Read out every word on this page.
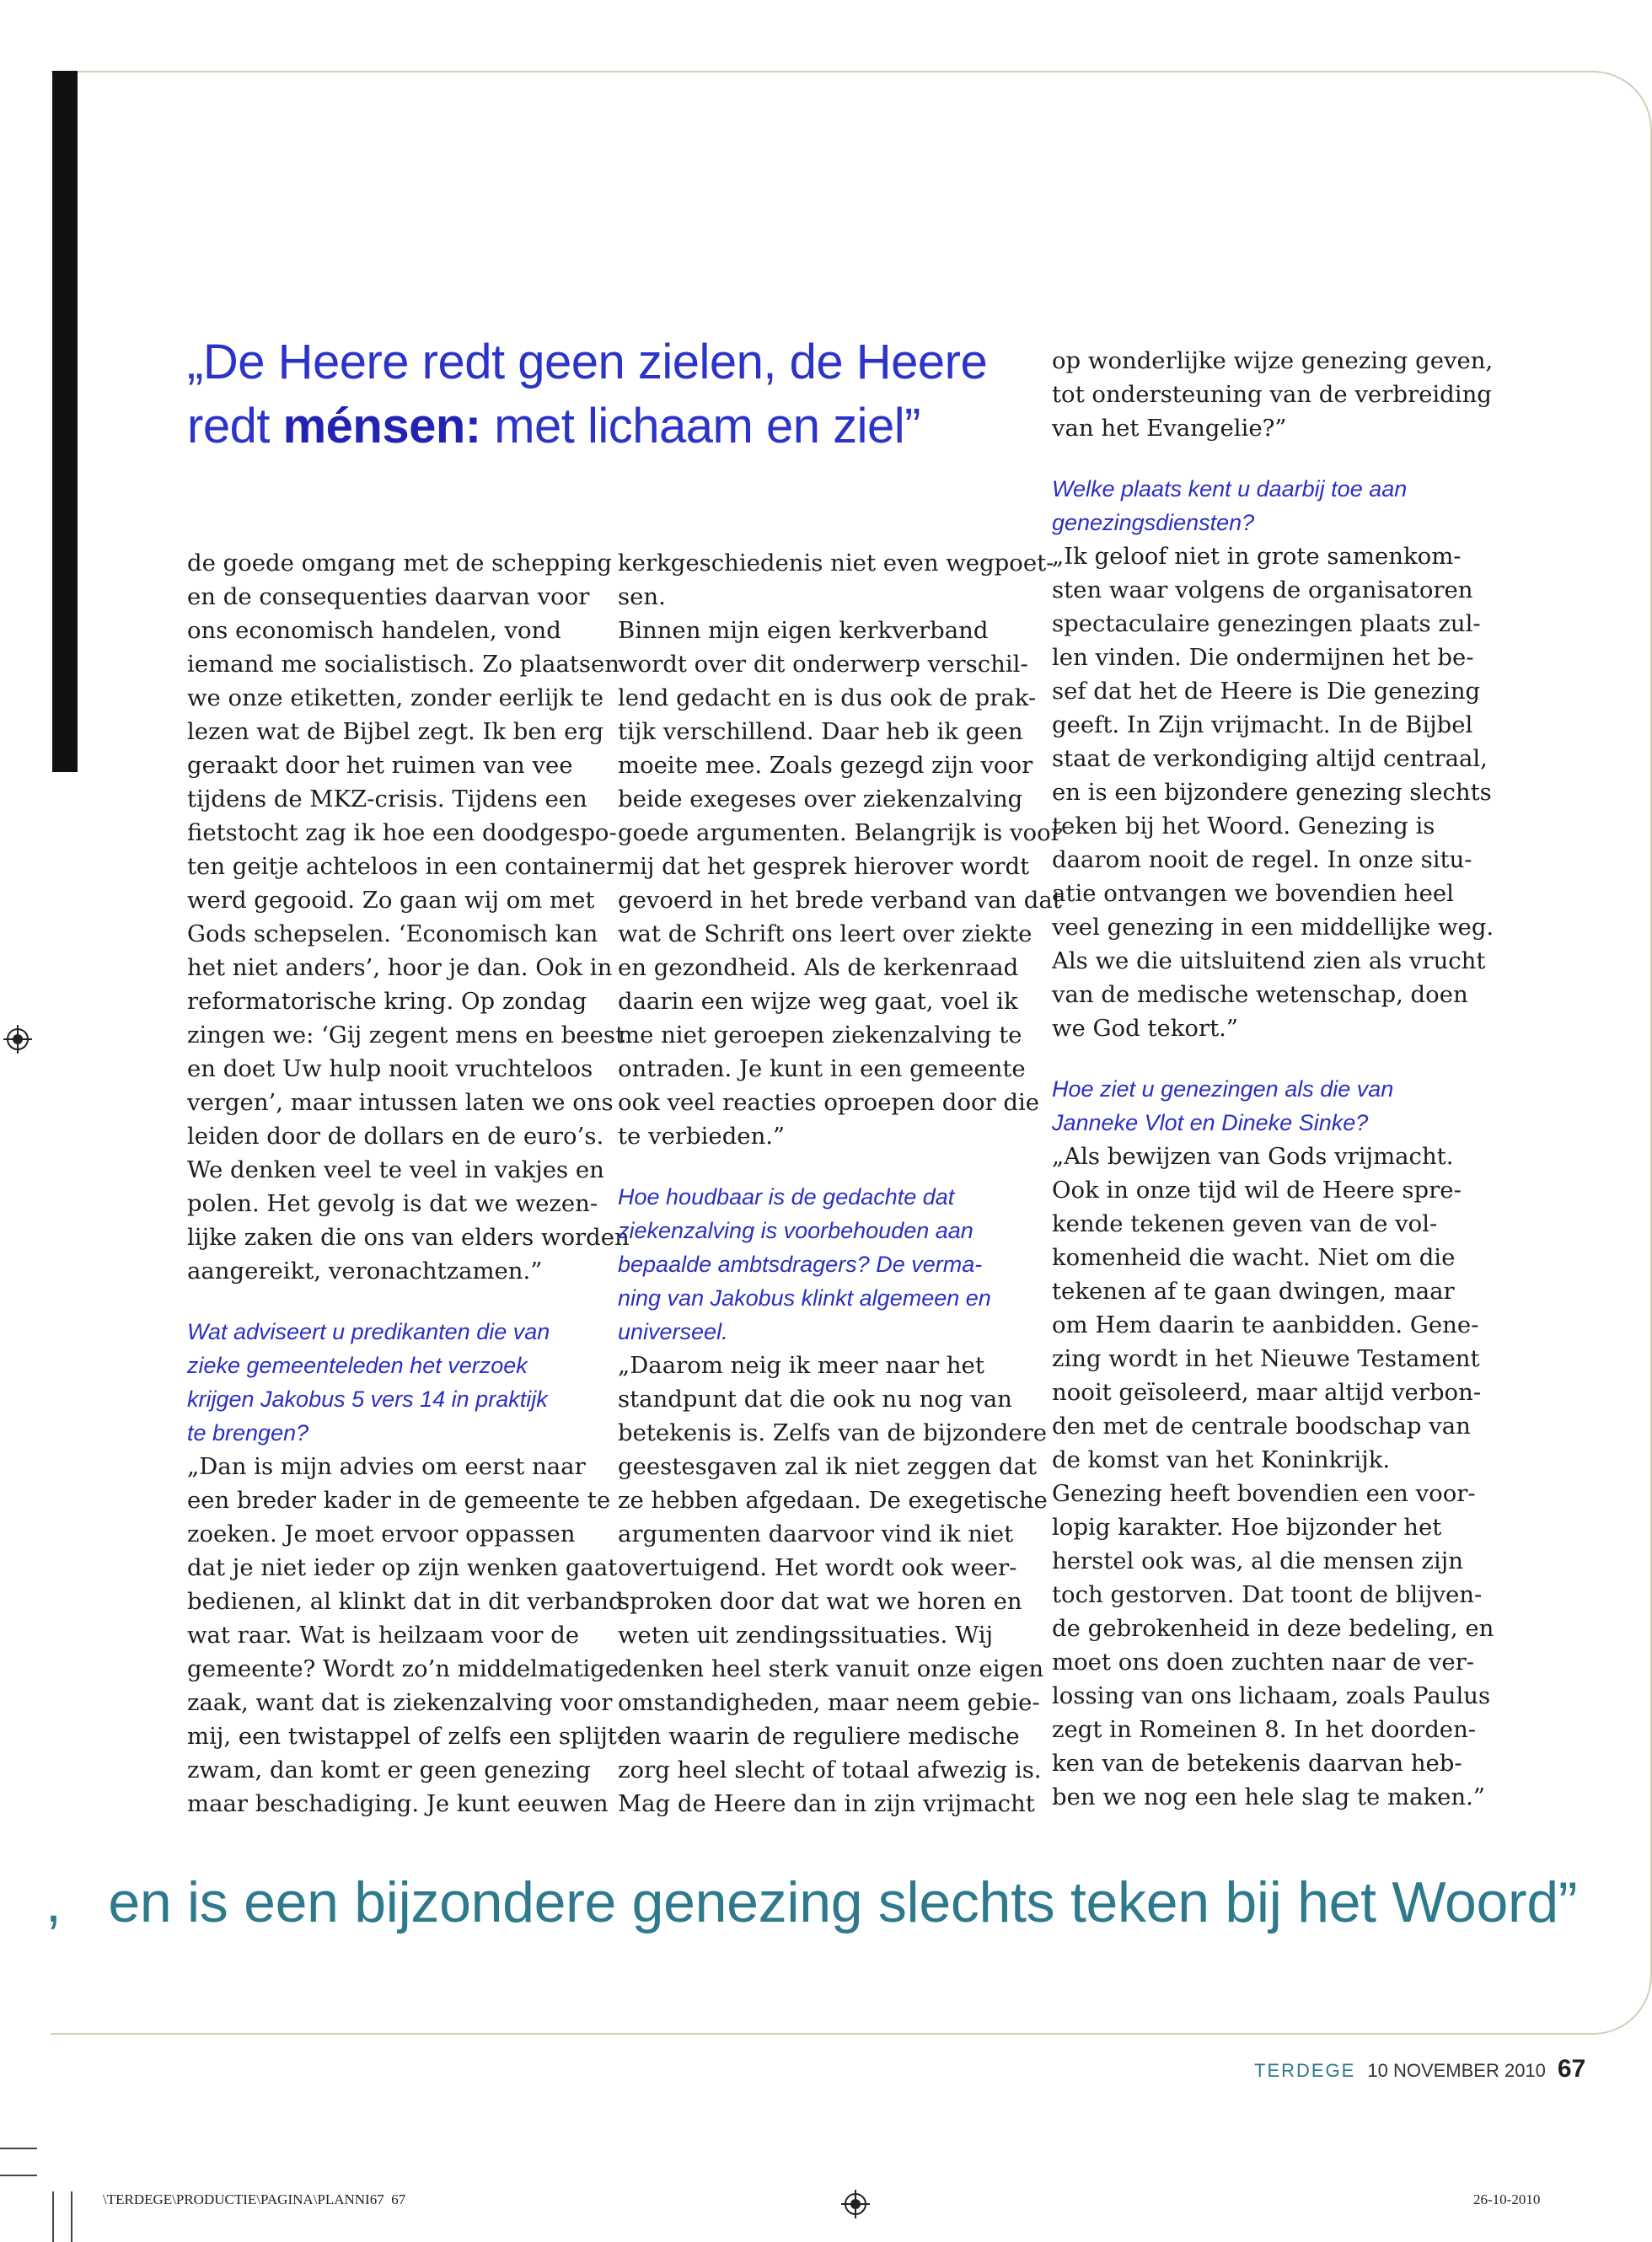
„De Heere redt geen zielen, de Heere
redt ménsen: met lichaam en ziel”
de goede omgang met de schepping
en de consequenties daarvan voor
ons economisch handelen, vond
iemand me socialistisch. Zo plaatsen
we onze etiketten, zonder eerlijk te
lezen wat de Bijbel zegt. Ik ben erg
geraakt door het ruimen van vee
tijdens de MKZ-crisis. Tijdens een
fietstocht zag ik hoe een doodgespo-
ten geitje achteloos in een container
werd gegooid. Zo gaan wij om met
Gods schepselen. ‘Economisch kan
het niet anders’, hoor je dan. Ook in
reformatorische kring. Op zondag
zingen we: ‘Gij zegent mens en beest
en doet Uw hulp nooit vruchteloos
vergen’, maar intussen laten we ons
leiden door de dollars en de euro’s.
We denken veel te veel in vakjes en
polen. Het gevolg is dat we wezen-
lijke zaken die ons van elders worden
aangereikt, veronachtzamen.”
Wat adviseert u predikanten die van
zieke gemeenteleden het verzoek
krijgen Jakobus 5 vers 14 in praktijk
te brengen?
„Dan is mijn advies om eerst naar
een breder kader in de gemeente te
zoeken. Je moet ervoor oppassen
dat je niet ieder op zijn wenken gaat
bedienen, al klinkt dat in dit verband
wat raar. Wat is heilzaam voor de
gemeente? Wordt zo’n middelmatige
zaak, want dat is ziekenzalving voor
mij, een twistappel of zelfs een splijt-
zwam, dan komt er geen genezing
maar beschadiging. Je kunt eeuwen
kerkgeschiedenis niet even wegpoet-
sen.
Binnen mijn eigen kerkverband
wordt over dit onderwerp verschil-
lend gedacht en is dus ook de prak-
tijk verschillend. Daar heb ik geen
moeite mee. Zoals gezegd zijn voor
beide exegeses over ziekenzalving
goede argumenten. Belangrijk is voor
mij dat het gesprek hierover wordt
gevoerd in het brede verband van dat
wat de Schrift ons leert over ziekte
en gezondheid. Als de kerkenraad
daarin een wijze weg gaat, voel ik
me niet geroepen ziekenzalving te
ontraden. Je kunt in een gemeente
ook veel reacties oproepen door die
te verbieden.”
Hoe houdbaar is de gedachte dat
ziekenzalving is voorbehouden aan
bepaalde ambtsdragers? De verma-
ning van Jakobus klinkt algemeen en
universeel.
„Daarom neig ik meer naar het
standpunt dat die ook nu nog van
betekenis is. Zelfs van de bijzondere
geestesgaven zal ik niet zeggen dat
ze hebben afgedaan. De exegetische
argumenten daarvoor vind ik niet
overtuigend. Het wordt ook weer-
sproken door dat wat we horen en
weten uit zendingssituaties. Wij
denken heel sterk vanuit onze eigen
omstandigheden, maar neem gebie-
den waarin de reguliere medische
zorg heel slecht of totaal afwezig is.
Mag de Heere dan in zijn vrijmacht
op wonderlijke wijze genezing geven,
tot ondersteuning van de verbreiding
van het Evangelie?”
Welke plaats kent u daarbij toe aan
genezingsdiensten?
„Ik geloof niet in grote samenkom-
sten waar volgens de organisatoren
spectaculaire genezingen plaats zul-
len vinden. Die ondermijnen het be-
sef dat het de Heere is Die genezing
geeft. In Zijn vrijmacht. In de Bijbel
staat de verkondiging altijd centraal,
en is een bijzondere genezing slechts
teken bij het Woord. Genezing is
daarom nooit de regel. In onze situ-
atie ontvangen we bovendien heel
veel genezing in een middellijke weg.
Als we die uitsluitend zien als vrucht
van de medische wetenschap, doen
we God tekort.”
Hoe ziet u genezingen als die van
Janneke Vlot en Dineke Sinke?
„Als bewijzen van Gods vrijmacht.
Ook in onze tijd wil de Heere spre-
kende tekenen geven van de vol-
komenheid die wacht. Niet om die
tekenen af te gaan dwingen, maar
om Hem daarin te aanbidden. Gene-
zing wordt in het Nieuwe Testament
nooit geïsoleerd, maar altijd verbon-
den met de centrale boodschap van
de komst van het Koninkrijk.
Genezing heeft bovendien een voor-
lopig karakter. Hoe bijzonder het
herstel ook was, al die mensen zijn
toch gestorven. Dat toont de blijven-
de gebrokenheid in deze bedeling, en
moet ons doen zuchten naar de ver-
lossing van ons lichaam, zoals Paulus
zegt in Romeinen 8. In het doorden-
ken van de betekenis daarvan heb-
ben we nog een hele slag te maken.”
,   en is een bijzondere genezing slechts teken bij het Woord”
TERDEGE 10 NOVEMBER 2010 67
\TERDEGE\PRODUCTIE\PAGINA\PLANNI67 67	26-10-2010
